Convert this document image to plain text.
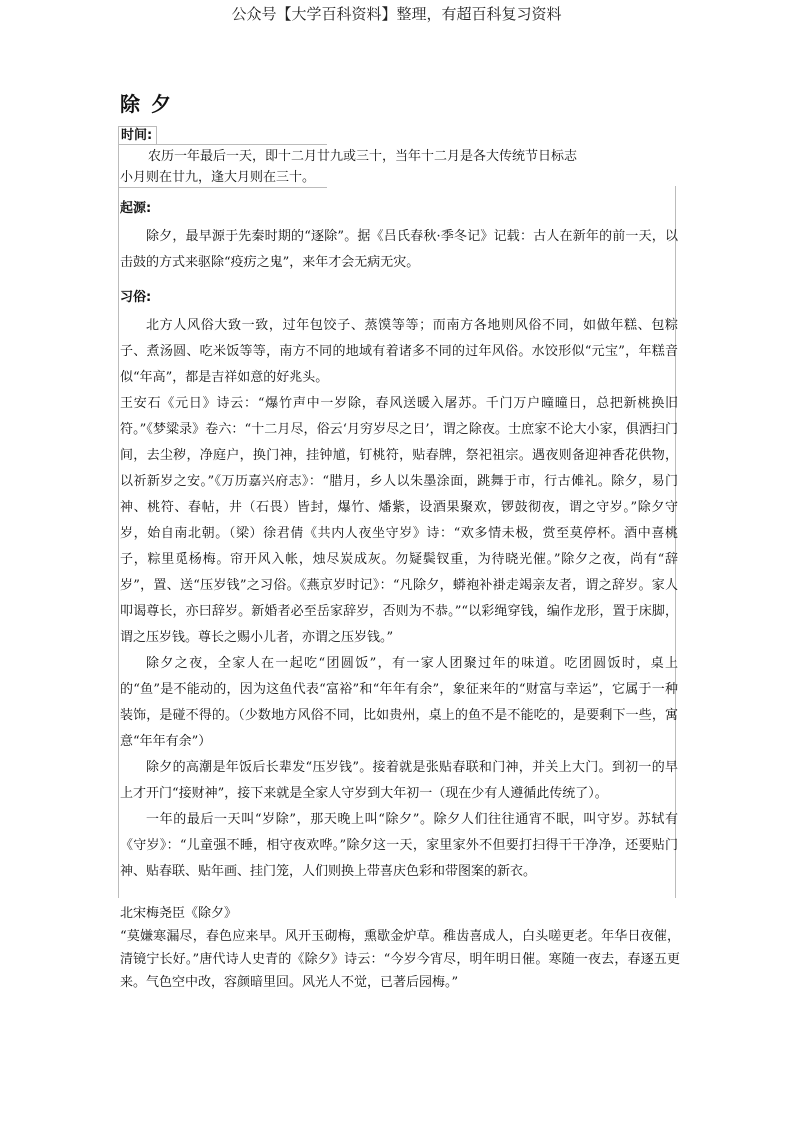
公众号【大学百科资料】整理，有超百科复习资料
除 夕
时间:
农历一年最后一天，即十二月廿九或三十，当年十二月是各大传统节日标志
小月则在廿九，逢大月则在三十。
起源:

除夕，最早源于先秦时期的“逐除”。据《吕氏春秋·季冬记》记载：古人在新年的前一天，以击鼓的方式来驱除“疫疠之鬼”，来年才会无病无灾。

习俗:

北方人风俗大致一致，过年包饺子、蒸馍等等；而南方各地则风俗不同，如做年糕、包粽子、煮汤圆、吃米饭等等，南方不同的地域有着诸多不同的过年风俗。水饺形似“元宝”，年糕音似“年高”，都是吉祥如意的好兆头。

王安石《元日》诗云：“爆竹声中一岁除，春风送暖入屠苏。千门万户曈曈日，总把新桃换旧符。”《梦粱录》卷六：“十二月尽，俗云‘月穷岁尽之日’，谓之除夜。士庶家不论大小家，俱洒扫门间，去尘秽，净庭户，换门神，挂钟馗，钉桃符，贴春牌，祭祀祖宗。遇夜则备迎神香花供物，以祈新岁之安。”《万历嘉兴府志》：“腊月，乡人以朱墨涂面，跳舞于市，行古傩礼。除夕，易门神、桃符、春帖，井（石畏）皆封，爆竹、燔紫，设酒果聚欢，锣鼓彻夜，谓之守岁。”除夕守岁，始自南北朝。（梁）徐君倩《共内人夜坐守岁》诗：“欢多情未极，赏至莫停杯。酒中喜桃子，粽里觅杨梅。帘开风入帐，烛尽炭成灰。勿疑鬓钗重，为待晓光催。”除夕之夜，尚有“辞岁”，置、送“压岁钱”之习俗。《燕京岁时记》：“凡除夕，蟒袍补褂走竭亲友者，谓之辞岁。家人叩谒尊长，亦曰辞岁。新婚者必至岳家辞岁，否则为不恭。”“以彩绳穿钱，编作龙形，置于床脚，谓之压岁钱。尊长之赐小儿者，亦谓之压岁钱。”

除夕之夜，全家人在一起吃“团圆饭”，有一家人团聚过年的味道。吃团圆饭时，桌上的“鱼”是不能动的，因为这鱼代表“富裕”和“年年有余”，象征来年的“财富与幸运”，它属于一种装饰，是碰不得的。（少数地方风俗不同，比如贵州，桌上的鱼不是不能吃的，是要剩下一些，寓意“年年有余”）

除夕的高潮是年饭后长辈发“压岁钱”。接着就是张贴春联和门神，并关上大门。到初一的早上才开门“接财神”，接下来就是全家人守岁到大年初一（现在少有人遵循此传统了）。

一年的最后一天叫“岁除”，那天晚上叫“除夕”。除夕人们往往通宵不眠，叫守岁。苏轼有《守岁》：“儿童强不睡，相守夜欢哗。”除夕这一天，家里家外不但要打扫得干干净净，还要贴门神、贴春联、贴年画、挂门笼，人们则换上带喜庆色彩和带图案的新衣。

北宋梅尧臣《除夕》

“莫嫌寒漏尽，春色应来早。风开玉砌梅，熏歇金炉草。稚齿喜成人，白头嗟更老。年华日夜催，清镜宁长好。”唐代诗人史青的《除夕》诗云：“今岁今宵尽，明年明日催。寒随一夜去，春逐五更来。气色空中改，容颜暗里回。风光人不觉，已著后园梅。”
